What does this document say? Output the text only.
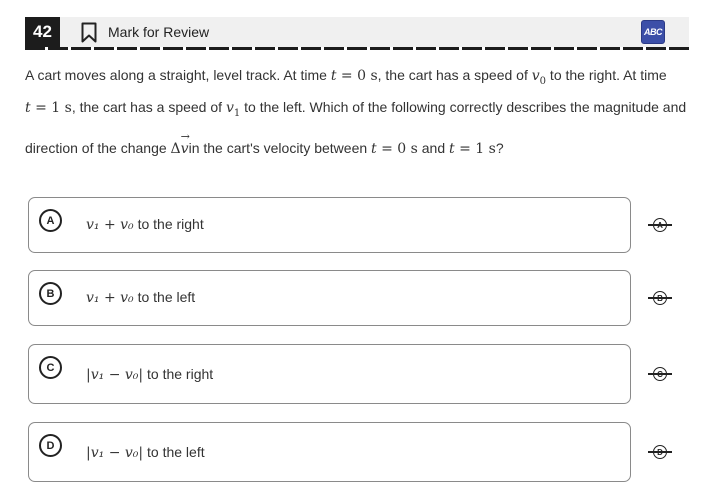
42	Mark for Review	ABC
A cart moves along a straight, level track. At time t = 0 s, the cart has a speed of $v_0$ to the right. At time
t = 1 s, the cart has a speed of $v_1$ to the left. Which of the following correctly describes the magnitude and
direction of the change Δv
→
in the cart's velocity between t = 0 s and t = 1 s?
A	v₁ + v₀ to the right
B	v₁ + v₀ to the left
C	|v₁ − v₀| to the right
D	|v₁ − v₀| to the left
